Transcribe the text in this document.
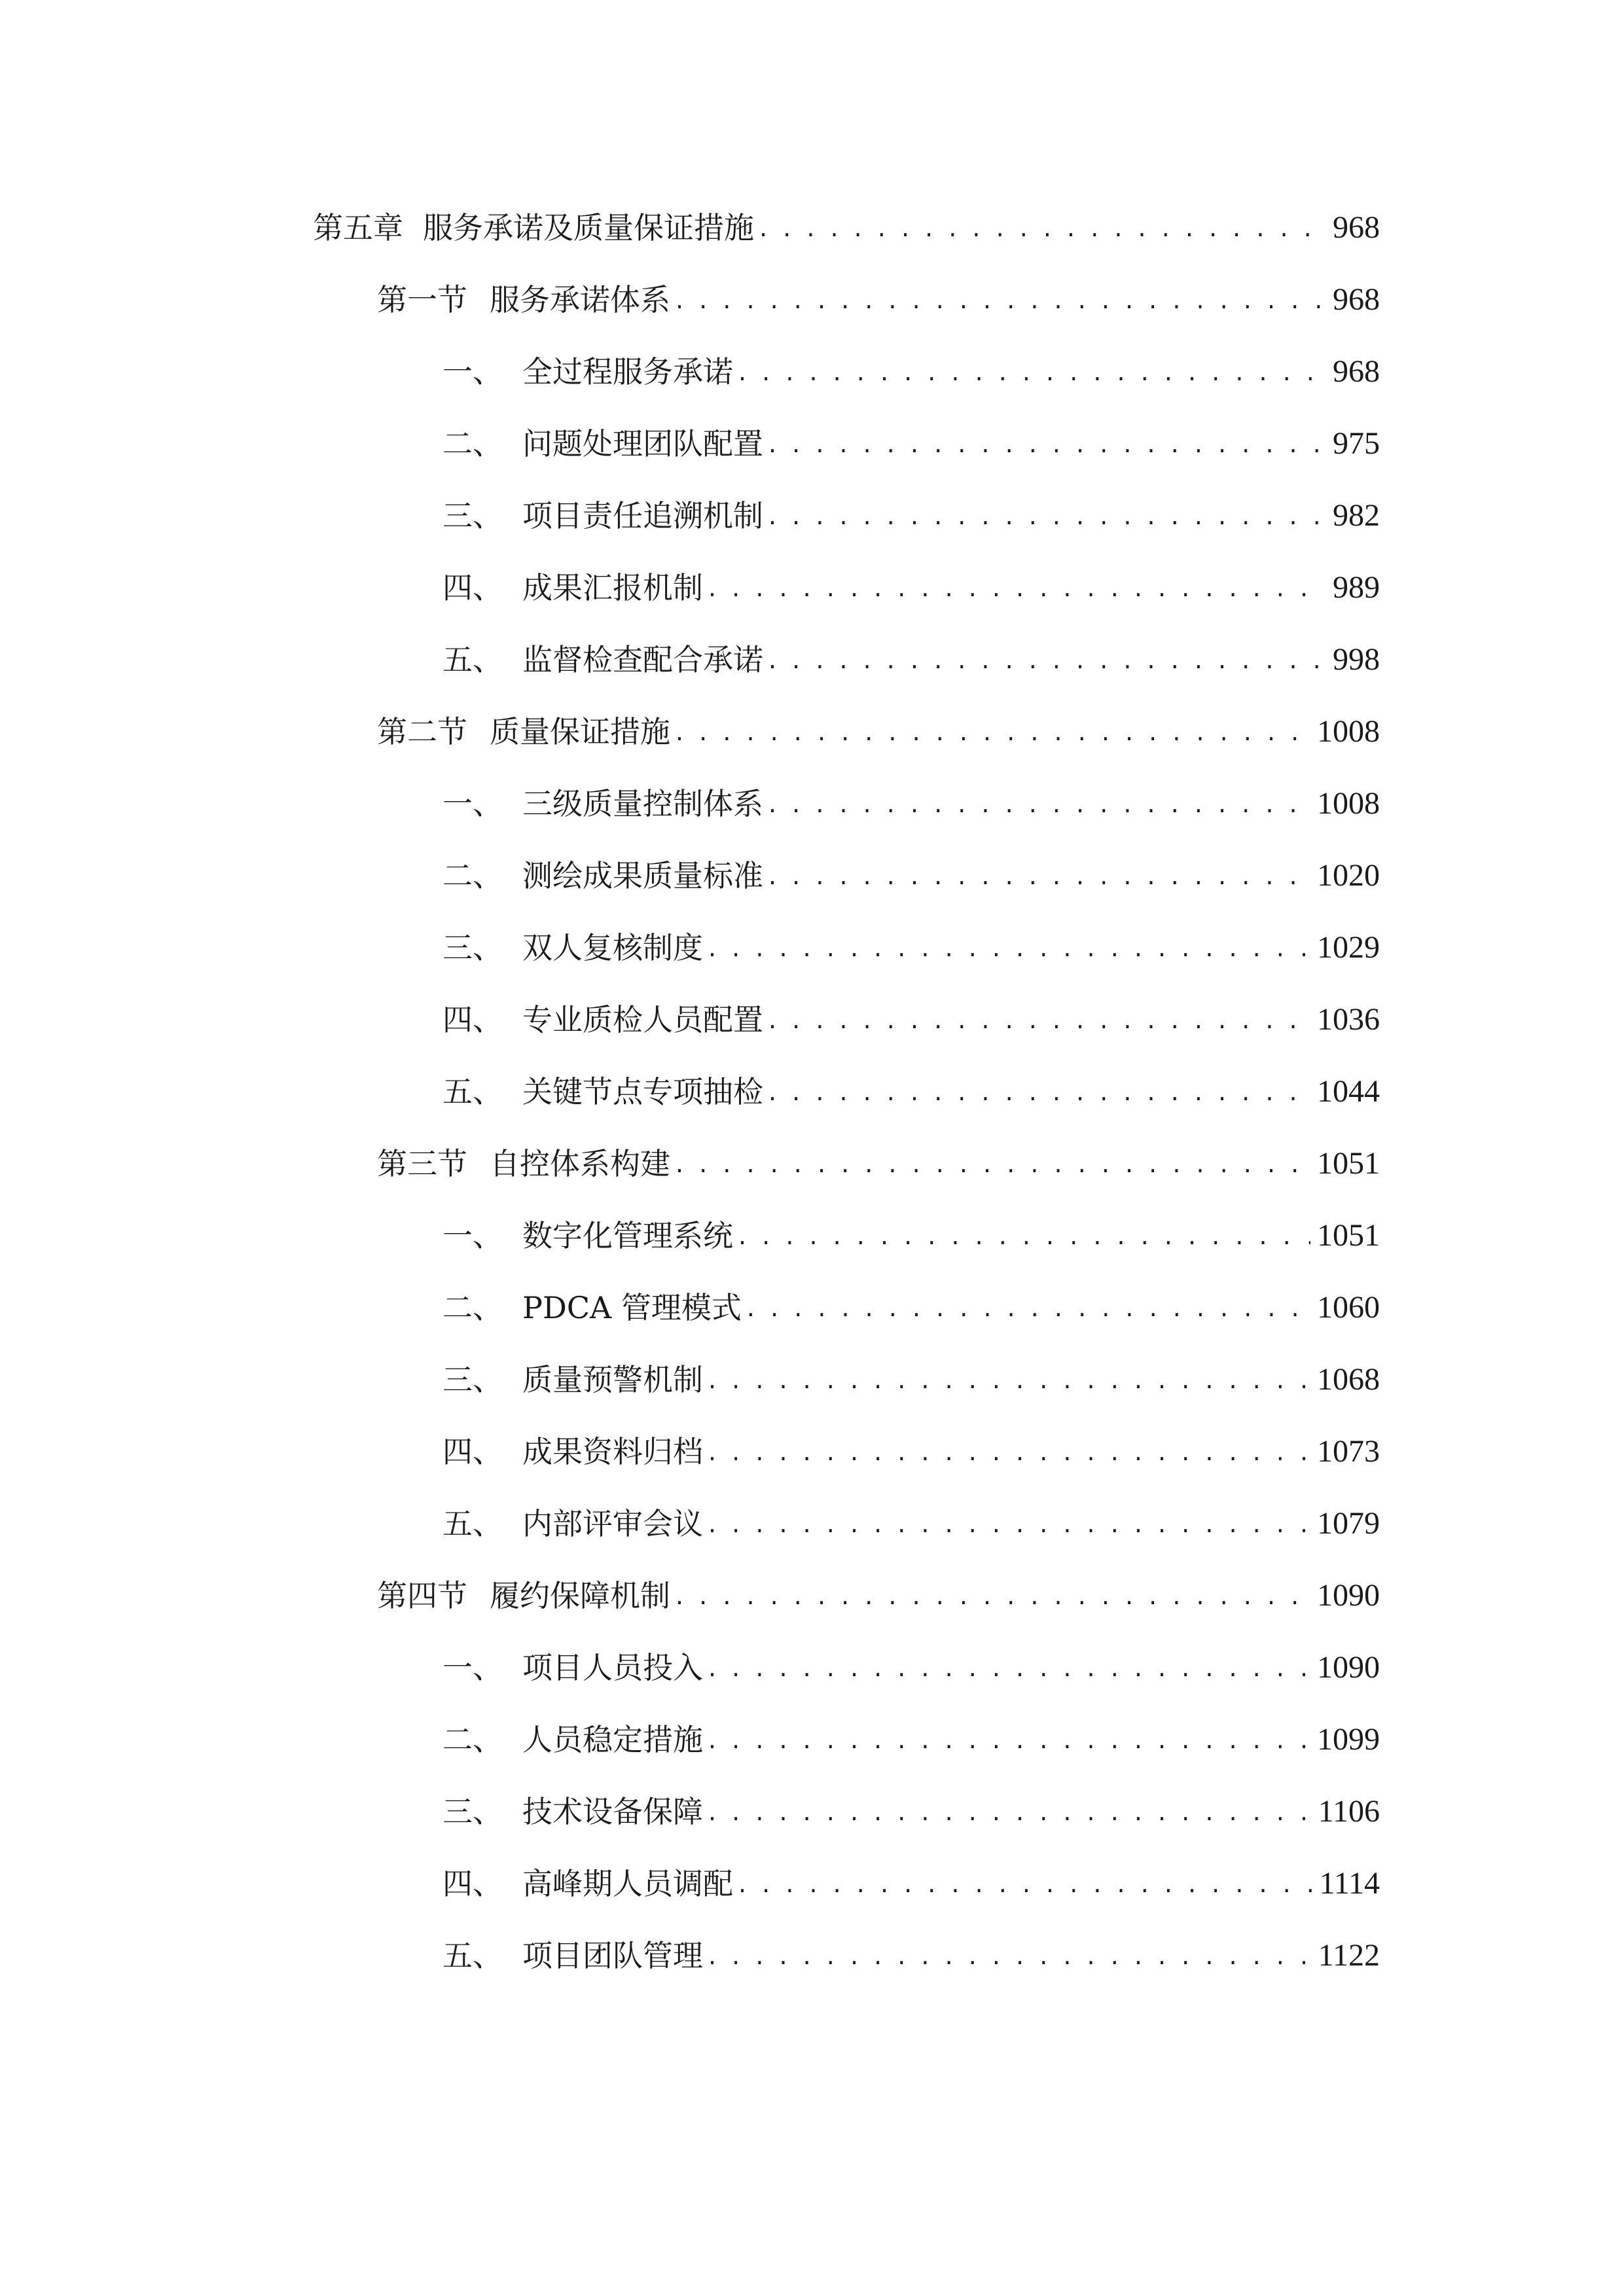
第五章 服务承诺及质量保证措施 . . .	968
第一节 服务承诺体系 . . .	968
一、 全过程服务承诺 . . .	968
二、 问题处理团队配置 . . .	975
三、 项目责任追溯机制 . . .	982
四、 成果汇报机制 . . .	989
五、 监督检查配合承诺 . . .	998
第二节 质量保证措施 . . .	1008
一、 三级质量控制体系 . . .	1008
二、 测绘成果质量标准 . . .	1020
三、 双人复核制度 . . .	1029
四、 专业质检人员配置 . . .	1036
五、 关键节点专项抽检 . . .	1044
第三节 自控体系构建 . . .	1051
一、 数字化管理系统 . . .	1051
二、 PDCA 管理模式 . . .	1060
三、 质量预警机制 . . .	1068
四、 成果资料归档 . . .	1073
五、 内部评审会议 . . .	1079
第四节 履约保障机制 . . .	1090
一、 项目人员投入 . . .	1090
二、 人员稳定措施 . . .	1099
三、 技术设备保障 . . .	1106
四、 高峰期人员调配 . . .	1114
五、 项目团队管理 . . .	1122
